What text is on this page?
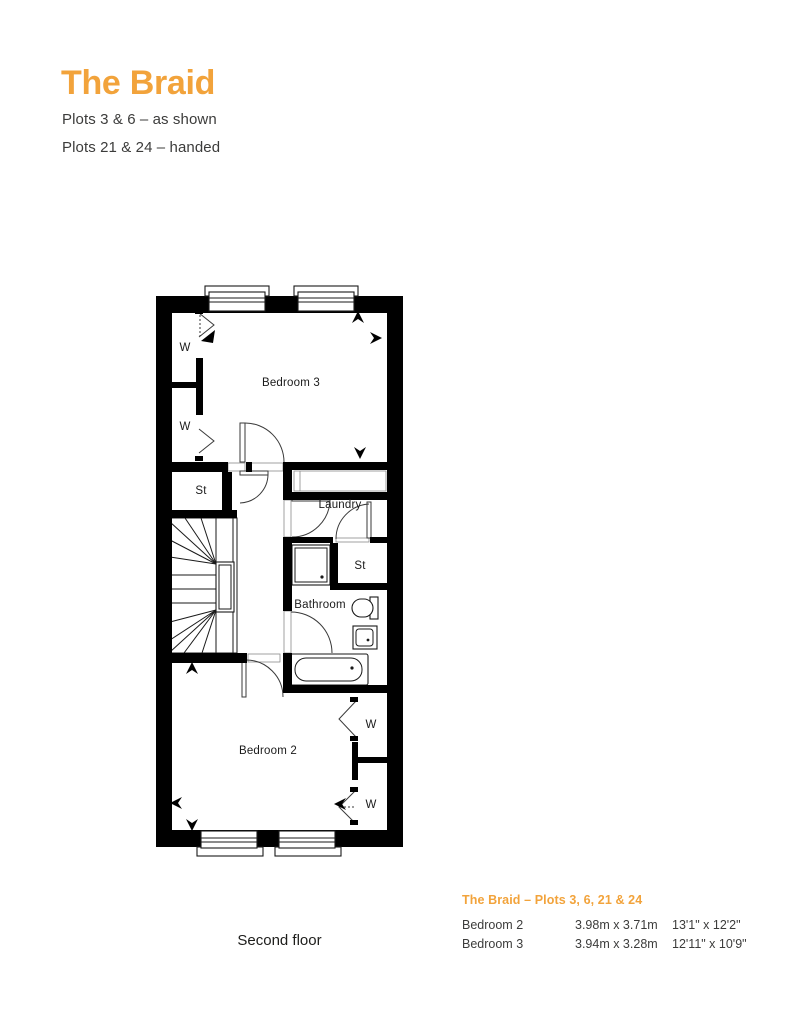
The Braid
Plots 3 & 6 – as shown
Plots 21 & 24 – handed
Bedroom 3
Bedroom 2
Laundry
Bathroom
St
St
W
W
W
W
Second floor
The Braid – Plots 3, 6, 21 & 24
Bedroom 2	3.98m x 3.71m	13'1" x 12'2"
Bedroom 3	3.94m x 3.28m	12'11" x 10'9"
